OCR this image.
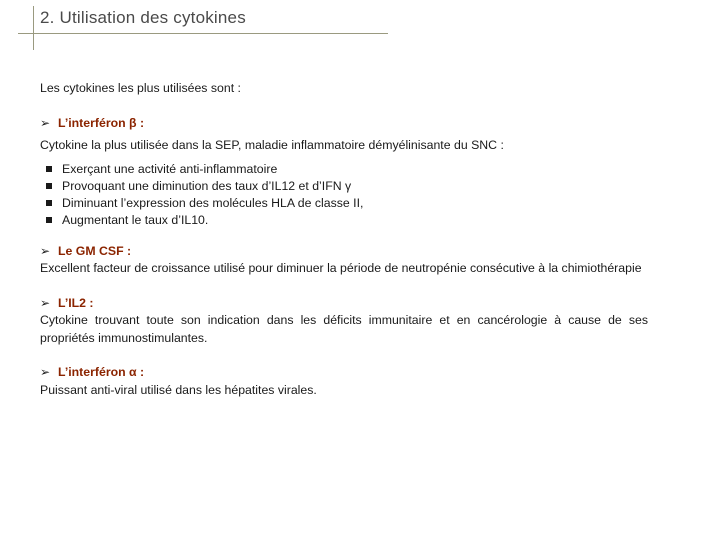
2. Utilisation des cytokines

Les cytokines les plus utilisées sont :

➢ L’interféron β :

Cytokine la plus utilisée dans la SEP, maladie inflammatoire démyélinisante du SNC :

Exerçant une activité anti-inflammatoire
Provoquant une diminution des taux d’IL12 et d’IFN γ
Diminuant l’expression des molécules HLA de classe II,
Augmentant le taux d’IL10.

➢ Le GM CSF :

Excellent facteur de croissance utilisé pour diminuer la période de neutropénie consécutive à la chimiothérapie

➢ L’IL2 :

Cytokine trouvant toute son indication dans les déficits immunitaire et en cancérologie à cause de ses propriétés immunostimulantes.

➢ L’interféron α :

Puissant anti-viral utilisé dans les hépatites virales.
